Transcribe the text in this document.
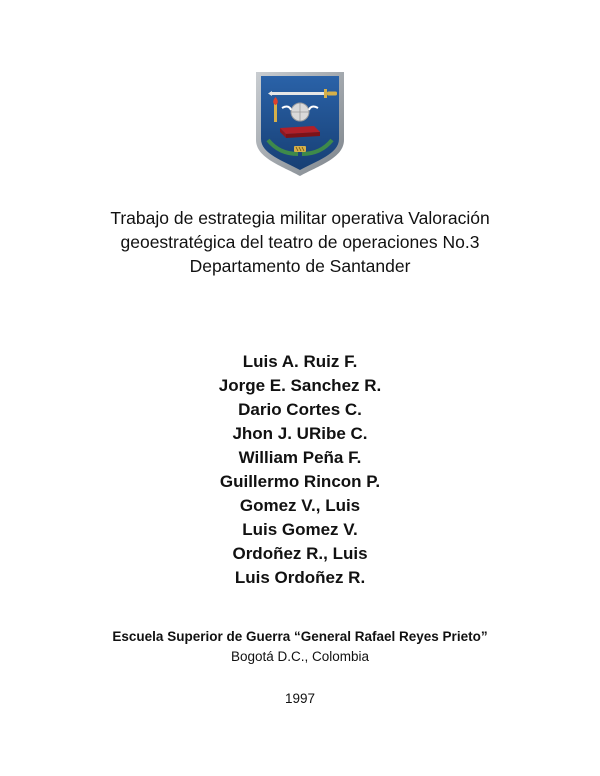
Trabajo de estrategia militar operativa Valoración
geoestratégica del teatro de operaciones No.3
Departamento de Santander
Luis A. Ruiz F.
Jorge E. Sanchez R.
Dario Cortes C.
Jhon J. URibe C.
William Peña F.
Guillermo Rincon P.
Gomez V., Luis
Luis Gomez V.
Ordoñez R., Luis
Luis Ordoñez R.
Escuela Superior de Guerra “General Rafael Reyes Prieto”
Bogotá D.C., Colombia
1997
